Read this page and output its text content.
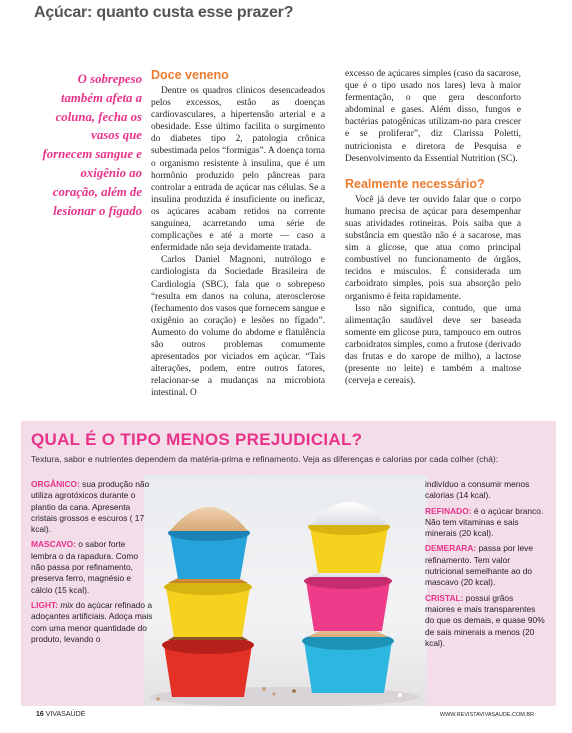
Açúcar: quanto custa esse prazer?
O sobrepeso também afeta a coluna, fecha os vasos que fornecem sangue e oxigênio ao coração, além de lesionar o fígado
Doce veneno

Dentre os quadros clínicos desencadeados pelos excessos, estão as doenças cardiovasculares, a hipertensão arterial e a obesidade. Esse último facilita o surgimento do diabetes tipo 2, patologia crônica subestimada pelos “formigas”. A doença torna o organismo resistente à insulina, que é um hormônio produzido pelo pâncreas para controlar a entrada de açúcar nas células. Se a insulina produzida é insuficiente ou ineficaz, os açúcares acabam retidos na corrente sanguínea, acarretando uma série de complicações e até a morte — caso a enfermidade não seja devidamente tratada.

Carlos Daniel Magnoni, nutrólogo e cardiologista da Sociedade Brasileira de Cardiologia (SBC), fala que o sobrepeso “resulta em danos na coluna, aterosclerose (fechamento dos vasos que fornecem sangue e oxigênio ao coração) e lesões no fígado”. Aumento do volume do abdome e flatulência são outros problemas comumente apresentados por viciados em açúcar. “Tais alterações, podem, entre outros fatores, relacionar-se a mudanças na microbiota intestinal. O

excesso de açúcares simples (caso da sacarose, que é o tipo usado nos lares) leva à maior fermentação, o que gera desconforto abdominal e gases. Além disso, fungos e bactérias patogênicas utilizam-no para crescer e se proliferar”, diz Clarissa Poletti, nutricionista e diretora de Pesquisa e Desenvolvimento da Essential Nutrition (SC).

Realmente necessário?

Você já deve ter ouvido falar que o corpo humano precisa de açúcar para desempenhar suas atividades rotineiras. Pois saiba que a substância em questão não é a sacarose, mas sim a glicose, que atua como principal combustível no funcionamento de órgãos, tecidos e músculos. É considerada um carboidrato simples, pois sua absorção pelo organismo é feita rapidamente.

Isso não significa, contudo, que uma alimentação saudável deve ser baseada somente em glicose pura, tampouco em outros carboidratos simples, como a frutose (derivado das frutas e do xarope de milho), a lactose (presente no leite) e também a maltose (cerveja e cereais).

QUAL É O TIPO MENOS PREJUDICIAL?
Textura, sabor e nutrientes dependem da matéria-prima e refinamento. Veja as diferenças e calorias por cada colher (chá):

ORGÂNICO: sua produção não utiliza agrotóxicos durante o plantio da cana. Apresenta cristais grossos e escuros ( 17 kcal).

MASCAVO: o sabor forte lembra o da rapadura. Como não passa por refinamento, preserva ferro, magnésio e cálcio (15 kcal).

LIGHT: mix do açúcar refinado a adoçantes artificiais. Adoça mais com uma menor quantidade do produto, levando o

indivíduo a consumir menos calorias (14 kcal).

REFINADO: é o açúcar branco. Não tem vitaminas e sais minerais (20 kcal).

DEMERARA: passa por leve refinamento. Tem valor nutricional semelhante ao do mascavo (20 kcal).

CRISTAL: possui grãos maiores e mais transparentes do que os demais, e quase 90% de sais minerais a menos (20 kcal).

16 VIVASAÚDE	WWW.REVISTAVIVASAUDE.COM.BR
